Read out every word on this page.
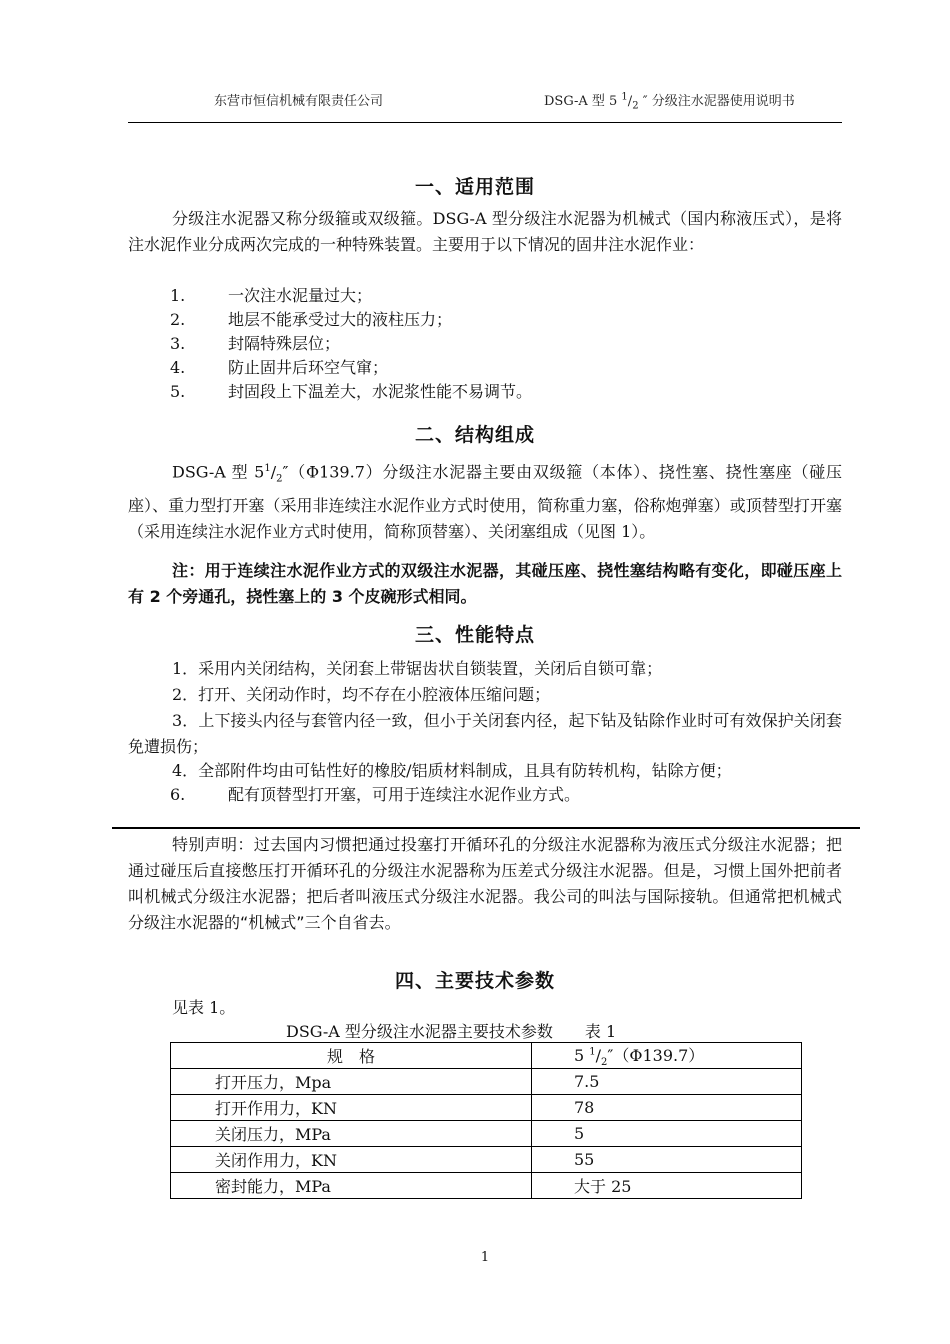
东营市恒信机械有限责任公司	DSG-A 型 5 $^1/_2$ ″ 分级注水泥器使用说明书
一、适用范围
分级注水泥器又称分级箍或双级箍。DSG-A 型分级注水泥器为机械式（国内称液压式），是将注水泥作业分成两次完成的一种特殊装置。主要用于以下情况的固井注水泥作业：
1.	一次注水泥量过大；
2.	地层不能承受过大的液柱压力；
3.	封隔特殊层位；
4.	防止固井后环空气窜；
5.	封固段上下温差大，水泥浆性能不易调节。
二、结构组成
DSG-A 型 $5^1/_2''(\Phi 139.7)$分级注水泥器主要由双级箍（本体）、挠性塞、挠性塞座（碰压座）、重力型打开塞（采用非连续注水泥作业方式时使用，简称重力塞，俗称炮弹塞）或顶替型打开塞（采用连续注水泥作业方式时使用，简称顶替塞）、关闭塞组成（见图 1）。
注：用于连续注水泥作业方式的双级注水泥器，其碰压座、挠性塞结构略有变化，即碰压座上有 2 个旁通孔，挠性塞上的 3 个皮碗形式相同。
三、性能特点
1．采用内关闭结构，关闭套上带锯齿状自锁装置，关闭后自锁可靠；
2．打开、关闭动作时，均不存在小腔液体压缩问题；
3．上下接头内径与套管内径一致，但小于关闭套内径，起下钻及钻除作业时可有效保护关闭套免遭损伤；
4．全部附件均由可钻性好的橡胶/铝质材料制成，且具有防转机构，钻除方便；
6.	配有顶替型打开塞，可用于连续注水泥作业方式。
特别声明：过去国内习惯把通过投塞打开循环孔的分级注水泥器称为液压式分级注水泥器；把通过碰压后直接憋压打开循环孔的分级注水泥器称为压差式分级注水泥器。但是，习惯上国外把前者叫机械式分级注水泥器；把后者叫液压式分级注水泥器。我公司的叫法与国际接轨。但通常把机械式分级注水泥器的“机械式”三个自省去。
四、主要技术参数
见表 1。
DSG-A 型分级注水泥器主要技术参数　　表 1
规　格	5 $^1/_2''(\Phi 139.7)$
打开压力，Mpa	7.5
打开作用力，KN	78
关闭压力，MPa	5
关闭作用力，KN	55
密封能力，MPa	大于 25
1
